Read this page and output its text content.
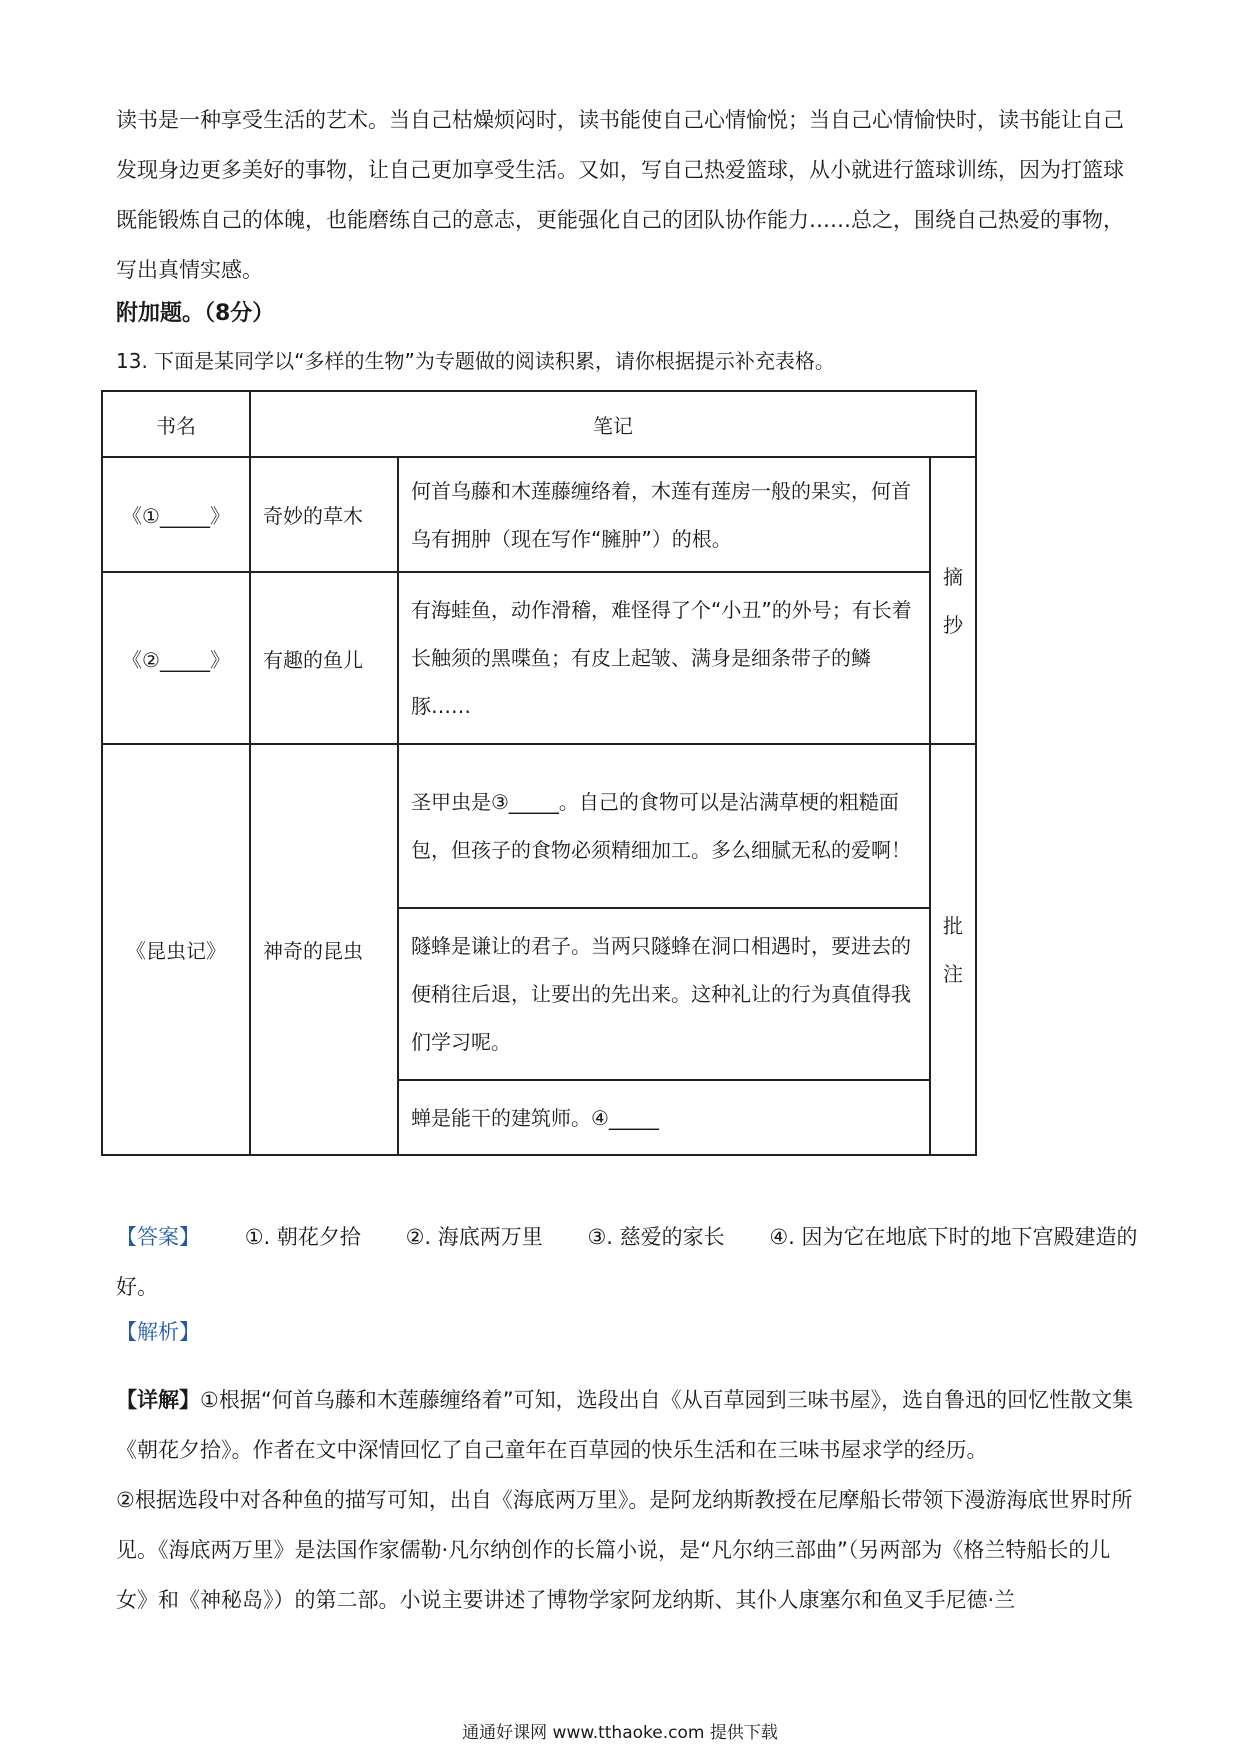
读书是一种享受生活的艺术。当自己枯燥烦闷时，读书能使自己心情愉悦；当自己心情愉快时，读书能让自己发现身边更多美好的事物，让自己更加享受生活。又如，写自己热爱篮球，从小就进行篮球训练，因为打篮球既能锻炼自己的体魄，也能磨练自己的意志，更能强化自己的团队协作能力……总之，围绕自己热爱的事物，写出真情实感。

附加题。（8分）

13. 下面是某同学以“多样的生物”为专题做的阅读积累，请你根据提示补充表格。

书名	笔记		
《①_____》	奇妙的草木	何首乌藤和木莲藤缠络着，木莲有莲房一般的果实，何首乌有拥肿（现在写作“臃肿”）的根。	摘
抄

《②_____》	有趣的鱼儿	有海蛙鱼，动作滑稽，难怪得了个“小丑”的外号；有长着长触须的黑喋鱼；有皮上起皱、满身是细条带子的鳞豚……	
《昆虫记》	神奇的昆虫	圣甲虫是③_____。自己的食物可以是沾满草梗的粗糙面包，但孩子的食物必须精细加工。多么细腻无私的爱啊！	批
注

		隧蜂是谦让的君子。当两只隧蜂在洞口相遇时，要进去的便稍往后退，让要出的先出来。这种礼让的行为真值得我们学习呢。	
		蝉是能干的建筑师。④_____	

【答案】 ①. 朝花夕拾 ②. 海底两万里 ③. 慈爱的家长 ④. 因为它在地底下时的地下宫殿建造的好。

【解析】

【详解】①根据“何首乌藤和木莲藤缠络着”可知，选段出自《从百草园到三味书屋》，选自鲁迅的回忆性散文集《朝花夕拾》。作者在文中深情回忆了自己童年在百草园的快乐生活和在三味书屋求学的经历。
②根据选段中对各种鱼的描写可知，出自《海底两万里》。是阿龙纳斯教授在尼摩船长带领下漫游海底世界时所见。《海底两万里》是法国作家儒勒·凡尔纳创作的长篇小说，是“凡尔纳三部曲”（另两部为《格兰特船长的儿女》和《神秘岛》）的第二部。小说主要讲述了博物学家阿龙纳斯、其仆人康塞尔和鱼叉手尼德·兰
通通好课网 www.tthaoke.com 提供下载
